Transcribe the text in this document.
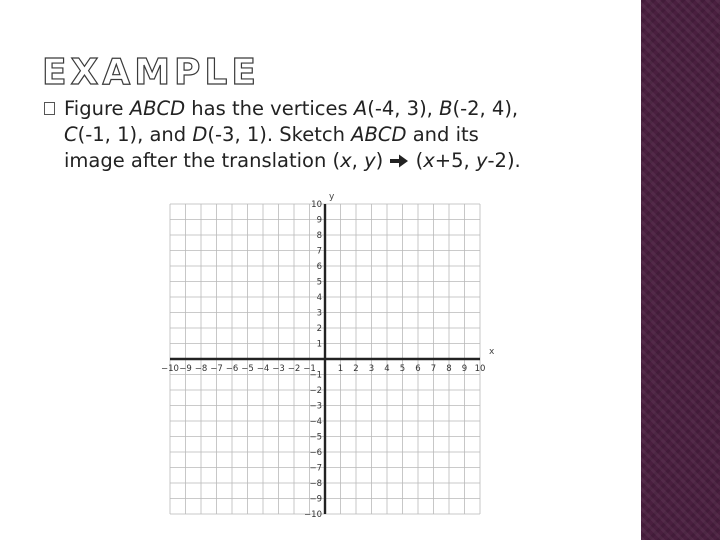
EXAMPLE
Figure ABCD has the vertices A(-4, 3), B(-2, 4),
C(-1, 1), and D(-3, 1). Sketch ABCD and its
image after the translation (x, y)  (x+5, y-2).
−10 −9 −8 −7 −6 −5 −4 −3 −2 −1	1 2 3 4 5 6 7 8 9 10
10
9
8
7
6
5
4
3
2
1
−1
−2
−3
−4
−5
−6
−7
−8
−9
−10
x
y
